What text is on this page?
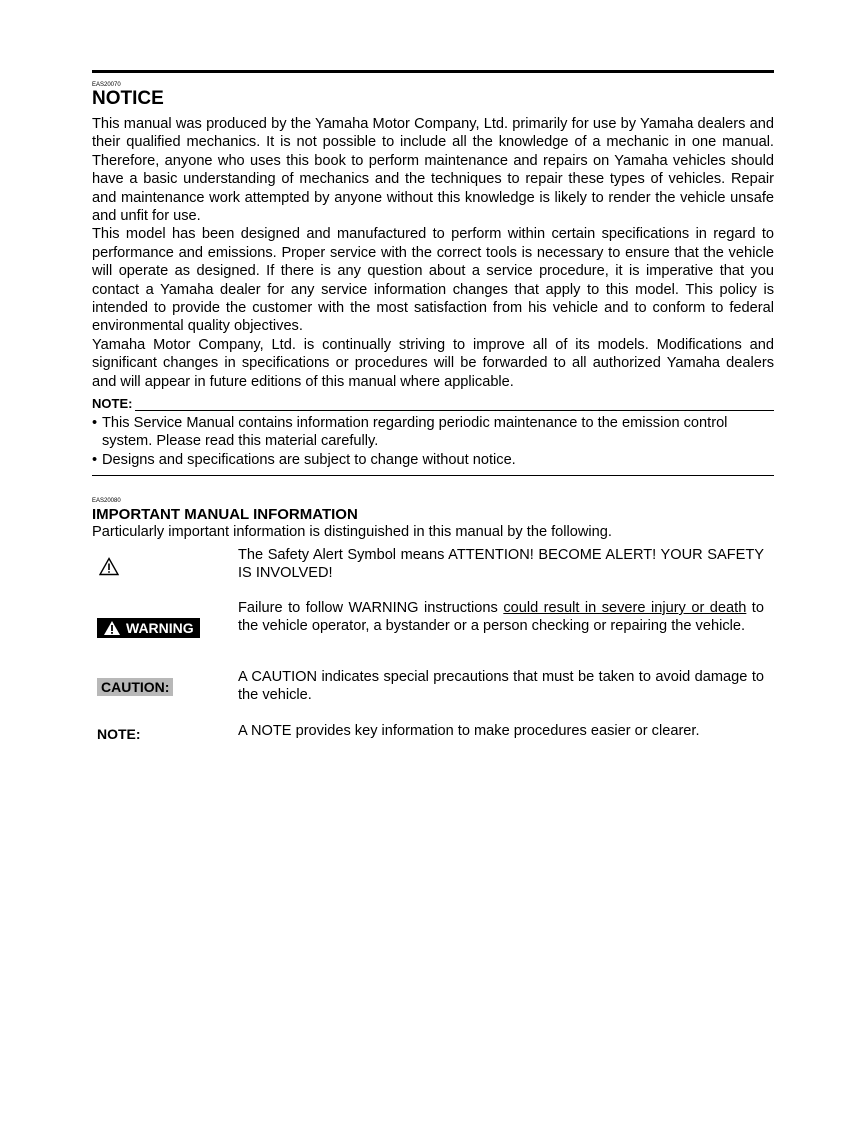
EAS20070
NOTICE

This manual was produced by the Yamaha Motor Company, Ltd. primarily for use by Yamaha dealers and their qualified mechanics. It is not possible to include all the knowledge of a mechanic in one manual. Therefore, anyone who uses this book to perform maintenance and repairs on Yamaha vehicles should have a basic understanding of mechanics and the techniques to repair these types of vehicles. Repair and maintenance work attempted by anyone without this knowledge is likely to render the vehicle unsafe and unfit for use.

This model has been designed and manufactured to perform within certain specifications in regard to performance and emissions. Proper service with the correct tools is necessary to ensure that the vehicle will operate as designed. If there is any question about a service procedure, it is imperative that you contact a Yamaha dealer for any service information changes that apply to this model. This policy is intended to provide the customer with the most satisfaction from his vehicle and to conform to federal environmental quality objectives.

Yamaha Motor Company, Ltd. is continually striving to improve all of its models. Modifications and significant changes in specifications or procedures will be forwarded to all authorized Yamaha dealers and will appear in future editions of this manual where applicable.

NOTE:
• This Service Manual contains information regarding periodic maintenance to the emission control system. Please read this material carefully.
• Designs and specifications are subject to change without notice.
EAS20080
IMPORTANT MANUAL INFORMATION
Particularly important information is distinguished in this manual by the following.
The Safety Alert Symbol means ATTENTION! BECOME ALERT! YOUR SAFETY IS INVOLVED!
WARNING
Failure to follow WARNING instructions could result in severe injury or death to the vehicle operator, a bystander or a person checking or repairing the vehicle.
CAUTION:
A CAUTION indicates special precautions that must be taken to avoid damage to the vehicle.
NOTE:	A NOTE provides key information to make procedures easier or clearer.
